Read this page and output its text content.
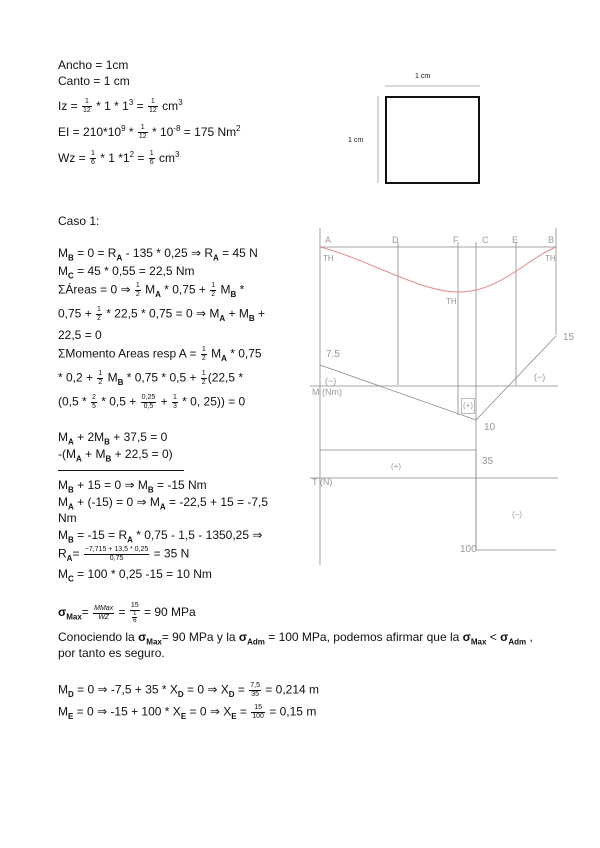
Ancho = 1cm
Canto = 1 cm
$Iz = \frac{1}{12} * 1 * 1^3 = \frac{1}{12} cm^3$
EI = $210*10^9 * \frac{1}{12} * 10^{-8} = 175$ Nm$^2$
$Wz = \frac{1}{6} * 1$ $*1^2 = \frac{1}{6} cm^3$
1 cm
1 cm
Caso 1:
$M_B = 0 = R_A - 135 * 0,25$ ⇒ $R_A = 45$ N
$M_C = 45 * 0,55 = 22,5$ Nm
ΣÁreas = 0 ⇒ $\frac{1}{2} M_A * 0,75 + \frac{1}{2} M_B$ *
$0,75 + \frac{1}{2} * 22,5 * 0,75 = 0$ ⇒ $M_A + M_B$ +
22,5 = 0
ΣMomento Areas resp $A = \frac{1}{2} M_A * 0,75$
* $0,2 + \frac{1}{2} M_B * 0,75 * 0,5 + \frac{1}{2} (22,5$ *
($0,5 * \frac{2}{5} * 0,5 + \frac{0,25}{0,5} + \frac{1}{3} * 0$, 25)) = 0
$M_A + 2M_B + 37,5 = 0$
$-(M_A + M_B + 22,5 = 0)$
$M_B + 15 = 0$ ⇒ $M_B = -15$ Nm
$M_A + (-15) = 0$ ⇒ $M_A = -22,5 + 15 = -7,5$
Nm
$M_B = -15 = R_A * 0,75 - 1,5 - 1350,25$ ⇒
$R_A= \frac{-7,715 + 13,5 * 0,25}{0,75} = 35$ N
$M_C = 100 * 0,25$ -15 = 10 Nm
$\sigma_{Max}= \frac{\text{MMax}}{WZ} = \frac{15}{\frac{1}{6}} = 90$ MPa
Conociendo la $\sigma_{Max}= 90$ MPa y la $\sigma_{Adm} = 100$ MPa, podemos afirmar que la $\sigma_{Max} < \sigma_{Adm}$ ,
por tanto es seguro.
$M_D = 0$ ⇒ $-7,5 + 35 * X_D = 0$ ⇒ $X_D = \frac{7,5}{35} = 0,214$ m
$M_E = 0$ ⇒ $-15 + 100 * X_E = 0$ ⇒ $X_E = \frac{15}{100} = 0,15$ m
A	D	F	C	E	B
TH	TH
TH
M (Nm)
T (N)
7.5
15
10
35
100
(−)	(−)
(+)
(+)
(−)
